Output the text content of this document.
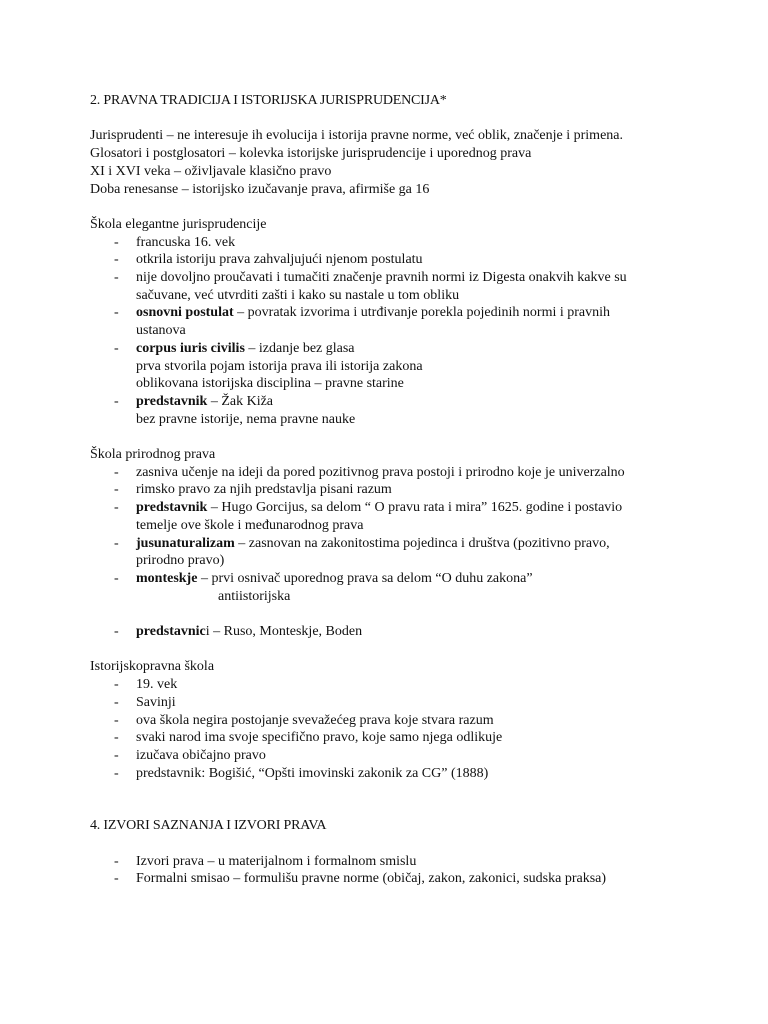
2. PRAVNA TRADICIJA I ISTORIJSKA JURISPRUDENCIJA*
Jurisprudenti – ne interesuje ih evolucija i istorija pravne norme, već oblik, značenje i primena.
Glosatori i postglosatori – kolevka istorijske jurisprudencije i uporednog prava
XI i XVI veka – oživljavale klasično pravo
Doba renesanse – istorijsko izučavanje prava, afirmiše ga 16
Škola elegantne jurisprudencije
- francuska 16. vek
- otkrila istoriju prava zahvaljujući njenom postulatu
- nije dovoljno proučavati i tumačiti značenje pravnih normi iz Digesta onakvih kakve su
sačuvane, već utvrditi zašti i kako su nastale u tom obliku
- osnovni postulat – povratak izvorima i utrđivanje porekla pojedinih normi i pravnih
ustanova
- corpus iuris civilis – izdanje bez glasa
prva stvorila pojam istorija prava ili istorija zakona
oblikovana istorijska disciplina – pravne starine
- predstavnik – Žak Kiža
bez pravne istorije, nema pravne nauke
Škola prirodnog prava
- zasniva učenje na ideji da pored pozitivnog prava postoji i prirodno koje je univerzalno
- rimsko pravo za njih predstavlja pisani razum
- predstavnik – Hugo Gorcijus, sa delom “ O pravu rata i mira” 1625. godine i postavio
temelje ove škole i međunarodnog prava
- jusunaturalizam – zasnovan na zakonitostima pojedinca i društva (pozitivno pravo,
prirodno pravo)
- monteskje – prvi osnivač uporednog prava sa delom “O duhu zakona”
antiistorijska
- predstavnici – Ruso, Monteskje, Boden
Istorijskopravna škola
- 19. vek
- Savinji
- ova škola negira postojanje svevažećeg prava koje stvara razum
- svaki narod ima svoje specifično pravo, koje samo njega odlikuje
- izučava običajno pravo
- predstavnik: Bogišić, “Opšti imovinski zakonik za CG” (1888)
4. IZVORI SAZNANJA I IZVORI PRAVA
- Izvori prava – u materijalnom i formalnom smislu
- Formalni smisao – formulišu pravne norme (običaj, zakon, zakonici, sudska praksa)
